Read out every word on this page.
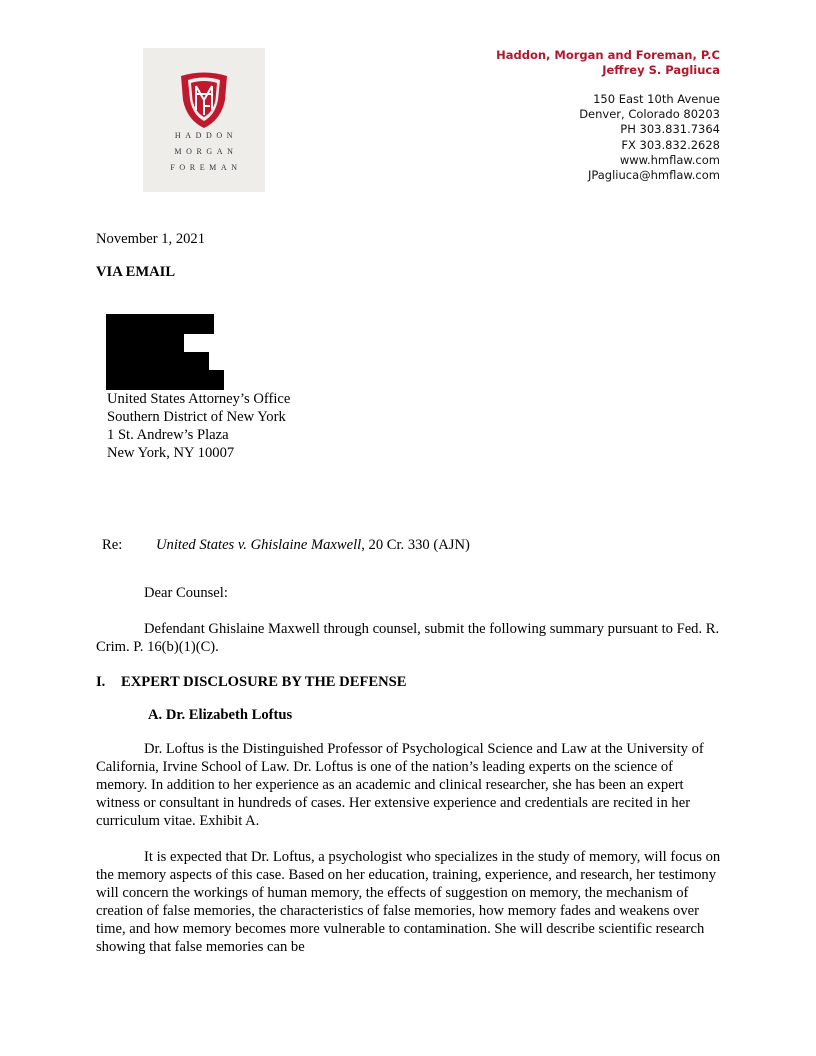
HADDON
MORGAN
FOREMAN
Haddon, Morgan and Foreman, P.C
Jeffrey S. Pagliuca
150 East 10th Avenue
Denver, Colorado 80203
PH 303.831.7364
FX 303.832.2628
www.hmflaw.com
JPagliuca@hmflaw.com
November 1, 2021
VIA EMAIL
United States Attorney’s Office
Southern District of New York
1 St. Andrew’s Plaza
New York, NY 10007
Re: United States v. Ghislaine Maxwell, 20 Cr. 330 (AJN)
Dear Counsel:
Defendant Ghislaine Maxwell through counsel, submit the following summary pursuant to Fed. R. Crim. P. 16(b)(1)(C).
I. EXPERT DISCLOSURE BY THE DEFENSE
A. Dr. Elizabeth Loftus
Dr. Loftus is the Distinguished Professor of Psychological Science and Law at the University of California, Irvine School of Law. Dr. Loftus is one of the nation’s leading experts on the science of memory. In addition to her experience as an academic and clinical researcher, she has been an expert witness or consultant in hundreds of cases. Her extensive experience and credentials are recited in her curriculum vitae. Exhibit A.
It is expected that Dr. Loftus, a psychologist who specializes in the study of memory, will focus on the memory aspects of this case. Based on her education, training, experience, and research, her testimony will concern the workings of human memory, the effects of suggestion on memory, the mechanism of creation of false memories, the characteristics of false memories, how memory fades and weakens over time, and how memory becomes more vulnerable to contamination. She will describe scientific research showing that false memories can be
